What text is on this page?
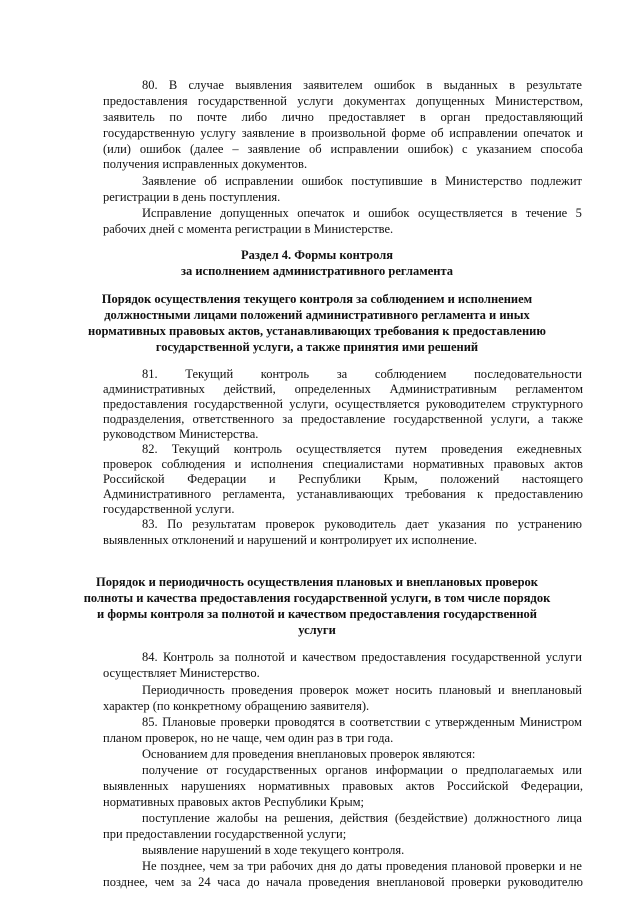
80. В случае выявления заявителем ошибок в выданных в результате
предоставления государственной услуги документах допущенных Министерством,
заявитель по почте либо лично предоставляет в орган предоставляющий
государственную услугу заявление в произвольной форме об исправлении опечаток и
(или) ошибок (далее – заявление об исправлении ошибок) с указанием способа
получения исправленных документов.
Заявление об исправлении ошибок поступившие в Министерство подлежит
регистрации в день поступления.
Исправление допущенных опечаток и ошибок осуществляется в течение 5
рабочих дней с момента регистрации в Министерстве.
Раздел 4. Формы контроля
за исполнением административного регламента
Порядок осуществления текущего контроля за соблюдением и исполнением
должностными лицами положений административного регламента и иных
нормативных правовых актов, устанавливающих требования к предоставлению
государственной услуги, а также принятия ими решений
81. Текущий контроль за соблюдением последовательности
административных действий, определенных Административным регламентом
предоставления государственной услуги, осуществляется руководителем структурного
подразделения, ответственного за предоставление государственной услуги, а также
руководством Министерства.
82. Текущий контроль осуществляется путем проведения ежедневных
проверок соблюдения и исполнения специалистами нормативных правовых актов
Российской Федерации и Республики Крым, положений настоящего
Административного регламента, устанавливающих требования к предоставлению
государственной услуги.
83. По результатам проверок руководитель дает указания по устранению
выявленных отклонений и нарушений и контролирует их исполнение.
Порядок и периодичность осуществления плановых и внеплановых проверок
полноты и качества предоставления государственной услуги, в том числе порядок
и формы контроля за полнотой и качеством предоставления государственной
услуги
84. Контроль за полнотой и качеством предоставления государственной услуги
осуществляет Министерство.
Периодичность проведения проверок может носить плановый и внеплановый
характер (по конкретному обращению заявителя).
85. Плановые проверки проводятся в соответствии с утвержденным Министром
планом проверок, но не чаще, чем один раз в три года.
Основанием для проведения внеплановых проверок являются:
получение от государственных органов информации о предполагаемых или
выявленных нарушениях нормативных правовых актов Российской Федерации,
нормативных правовых актов Республики Крым;
поступление жалобы на решения, действия (бездействие) должностного лица
при предоставлении государственной услуги;
выявление нарушений в ходе текущего контроля.
Не позднее, чем за три рабочих дня до даты проведения плановой проверки и не
позднее, чем за 24 часа до начала проведения внеплановой проверки руководителю
